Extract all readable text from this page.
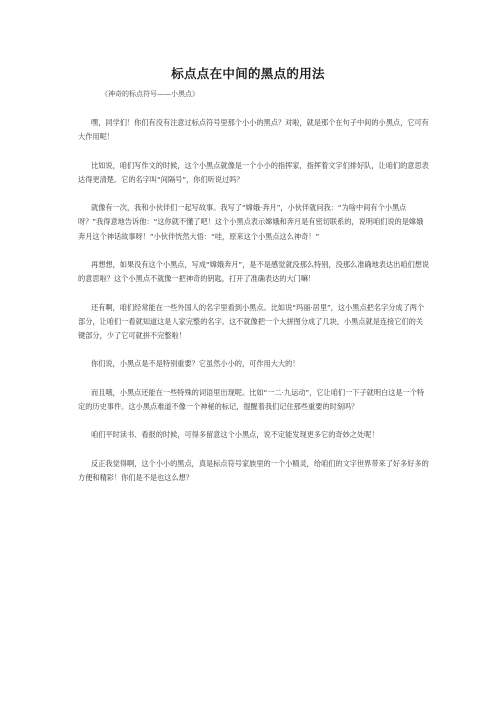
标点点在中间的黑点的用法
《神奇的标点符号——小黑点》

嘿，同学们！你们有没有注意过标点符号里那个小小的黑点？对啦，就是那个在句子中间的小黑点，它可有大作用呢！

比如说，咱们写作文的时候，这个小黑点就像是一个小小的指挥家，指挥着文字们排好队，让咱们的意思表达得更清楚。它的名字叫“间隔号”，你们听说过吗？

就像有一次，我和小伙伴们一起写故事。我写了“嫦娥·奔月”，小伙伴就问我：“为啥中间有个小黑点呀？”我得意地告诉他：“这你就不懂了吧！这个小黑点表示嫦娥和奔月是有密切联系的，说明咱们说的是嫦娥奔月这个神话故事呀！”小伙伴恍然大悟：“哇，原来这个小黑点这么神奇！”

再想想，如果没有这个小黑点，写成“嫦娥奔月”，是不是感觉就没那么特别，没那么准确地表达出咱们想说的意思啦？这个小黑点不就像一把神奇的钥匙，打开了准确表达的大门嘛！

还有啊，咱们经常能在一些外国人的名字里看到小黑点。比如说“玛丽·居里”，这小黑点把名字分成了两个部分，让咱们一看就知道这是人家完整的名字。这不就像把一个大拼图分成了几块，小黑点就是连接它们的关键部分，少了它可就拼不完整啦！

你们说，小黑点是不是特别重要？它虽然小小的，可作用大大的！

而且哦，小黑点还能在一些特殊的词语里出现呢。比如“一二·九运动”，它让咱们一下子就明白这是一个特定的历史事件。这小黑点难道不像一个神秘的标记，提醒着我们记住那些重要的时刻吗？

咱们平时读书、看报的时候，可得多留意这个小黑点，说不定能发现更多它的奇妙之处呢！

反正我觉得啊，这个小小的黑点，真是标点符号家族里的一个小精灵，给咱们的文字世界带来了好多好多的方便和精彩！你们是不是也这么想？
